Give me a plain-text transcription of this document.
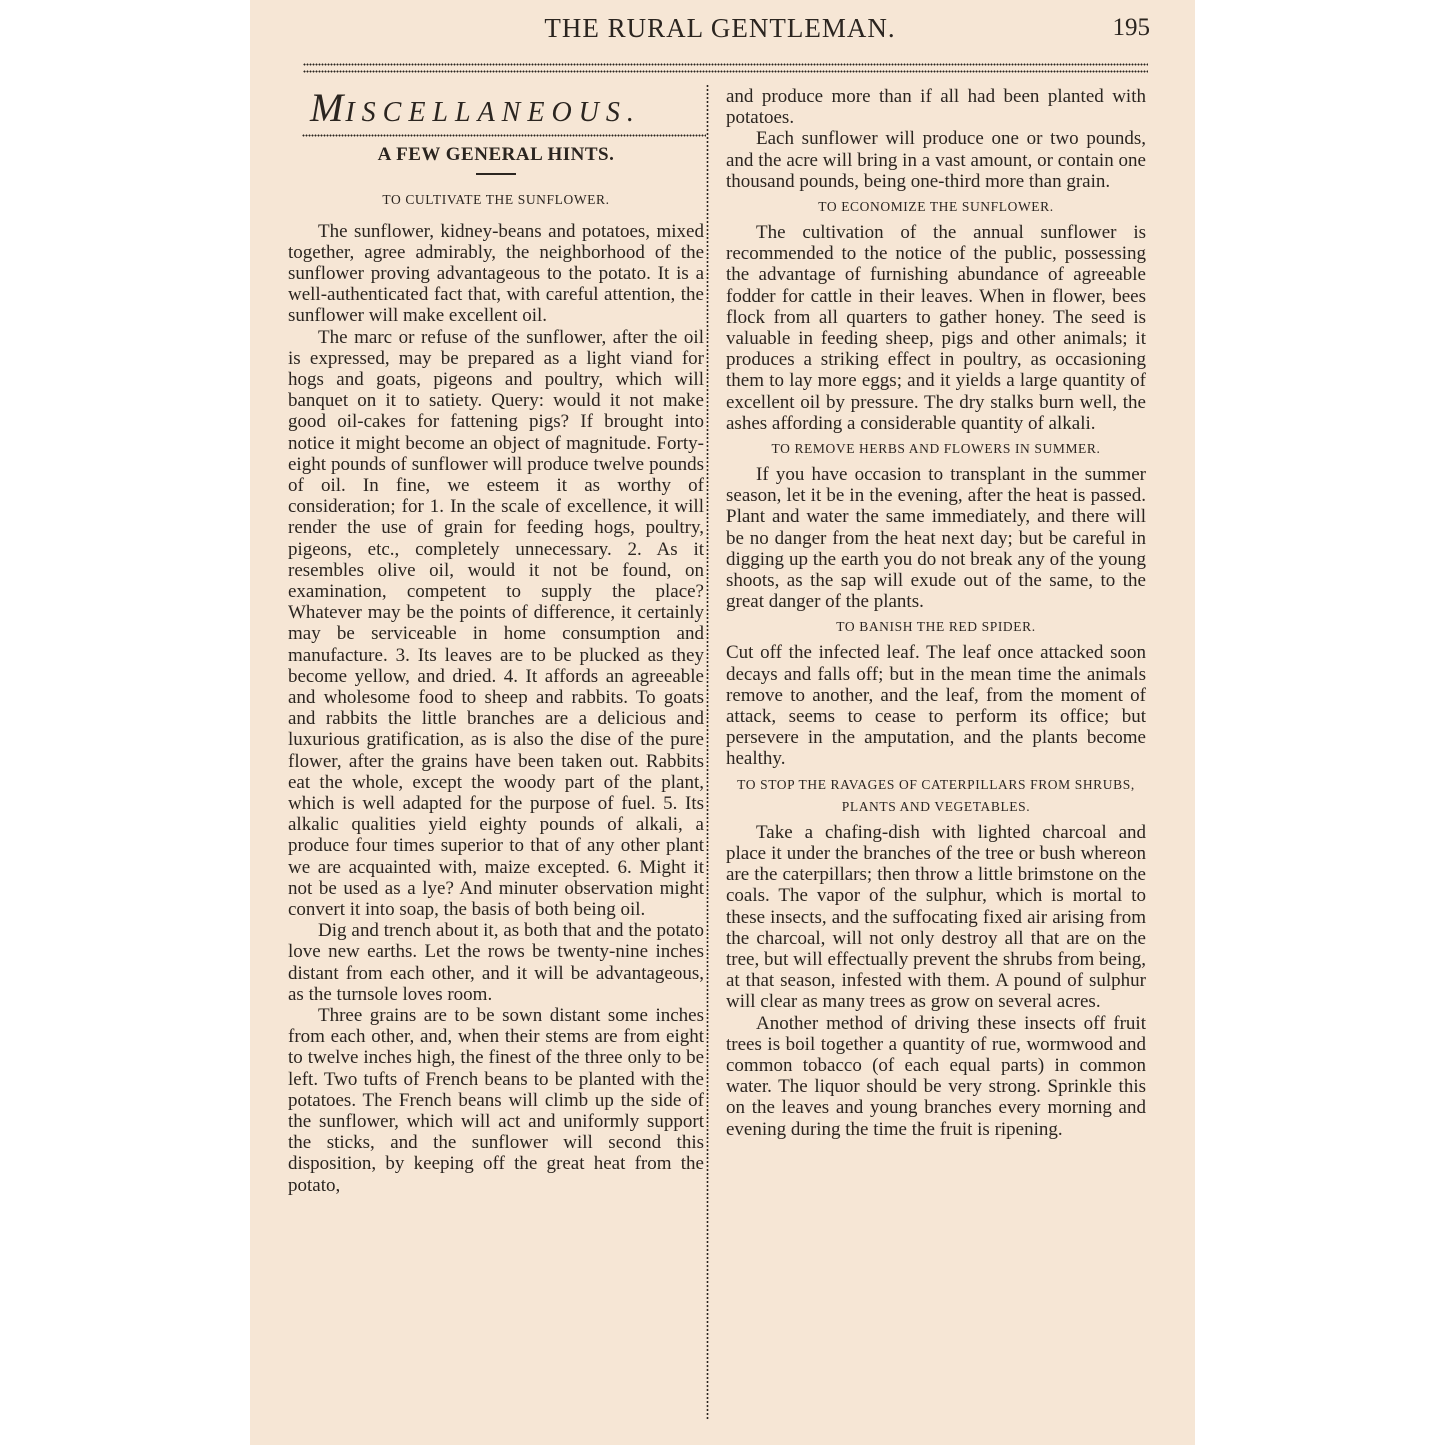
THE RURAL GENTLEMAN.	195
MISCELLANEOUS.
A FEW GENERAL HINTS.
TO CULTIVATE THE SUNFLOWER.

The sunflower, kidney-beans and potatoes, mixed together, agree admirably, the neighborhood of the sunflower proving advantageous to the potato. It is a well-authenticated fact that, with careful attention, the sunflower will make excellent oil.

The marc or refuse of the sunflower, after the oil is expressed, may be prepared as a light viand for hogs and goats, pigeons and poultry, which will banquet on it to satiety. Query: would it not make good oil-cakes for fattening pigs? If brought into notice it might become an object of magnitude. Forty-eight pounds of sunflower will produce twelve pounds of oil. In fine, we esteem it as worthy of consideration; for 1. In the scale of excellence, it will render the use of grain for feeding hogs, poultry, pigeons, etc., completely unnecessary. 2. As it resembles olive oil, would it not be found, on examination, competent to supply the place? Whatever may be the points of difference, it certainly may be serviceable in home consumption and manufacture. 3. Its leaves are to be plucked as they become yellow, and dried. 4. It affords an agreeable and wholesome food to sheep and rabbits. To goats and rabbits the little branches are a delicious and luxurious gratification, as is also the dise of the pure flower, after the grains have been taken out. Rabbits eat the whole, except the woody part of the plant, which is well adapted for the purpose of fuel. 5. Its alkalic qualities yield eighty pounds of alkali, a produce four times superior to that of any other plant we are acquainted with, maize excepted. 6. Might it not be used as a lye? And minuter observation might convert it into soap, the basis of both being oil.

Dig and trench about it, as both that and the potato love new earths. Let the rows be twenty-nine inches distant from each other, and it will be advantageous, as the turnsole loves room.

Three grains are to be sown distant some inches from each other, and, when their stems are from eight to twelve inches high, the finest of the three only to be left. Two tufts of French beans to be planted with the potatoes. The French beans will climb up the side of the sunflower, which will act and uniformly support the sticks, and the sunflower will second this disposition, by keeping off the great heat from the potato,

and produce more than if all had been planted with potatoes.

Each sunflower will produce one or two pounds, and the acre will bring in a vast amount, or contain one thousand pounds, being one-third more than grain.

TO ECONOMIZE THE SUNFLOWER.

The cultivation of the annual sunflower is recommended to the notice of the public, possessing the advantage of furnishing abundance of agreeable fodder for cattle in their leaves. When in flower, bees flock from all quarters to gather honey. The seed is valuable in feeding sheep, pigs and other animals; it produces a striking effect in poultry, as occasioning them to lay more eggs; and it yields a large quantity of excellent oil by pressure. The dry stalks burn well, the ashes affording a considerable quantity of alkali.

TO REMOVE HERBS AND FLOWERS IN SUMMER.

If you have occasion to transplant in the summer season, let it be in the evening, after the heat is passed. Plant and water the same immediately, and there will be no danger from the heat next day; but be careful in digging up the earth you do not break any of the young shoots, as the sap will exude out of the same, to the great danger of the plants.

TO BANISH THE RED SPIDER.

Cut off the infected leaf. The leaf once attacked soon decays and falls off; but in the mean time the animals remove to another, and the leaf, from the moment of attack, seems to cease to perform its office; but persevere in the amputation, and the plants become healthy.

TO STOP THE RAVAGES OF CATERPILLARS FROM SHRUBS, PLANTS AND VEGETABLES.

Take a chafing-dish with lighted charcoal and place it under the branches of the tree or bush whereon are the caterpillars; then throw a little brimstone on the coals. The vapor of the sulphur, which is mortal to these insects, and the suffocating fixed air arising from the charcoal, will not only destroy all that are on the tree, but will effectually prevent the shrubs from being, at that season, infested with them. A pound of sulphur will clear as many trees as grow on several acres.

Another method of driving these insects off fruit trees is boil together a quantity of rue, wormwood and common tobacco (of each equal parts) in common water. The liquor should be very strong. Sprinkle this on the leaves and young branches every morning and evening during the time the fruit is ripening.
